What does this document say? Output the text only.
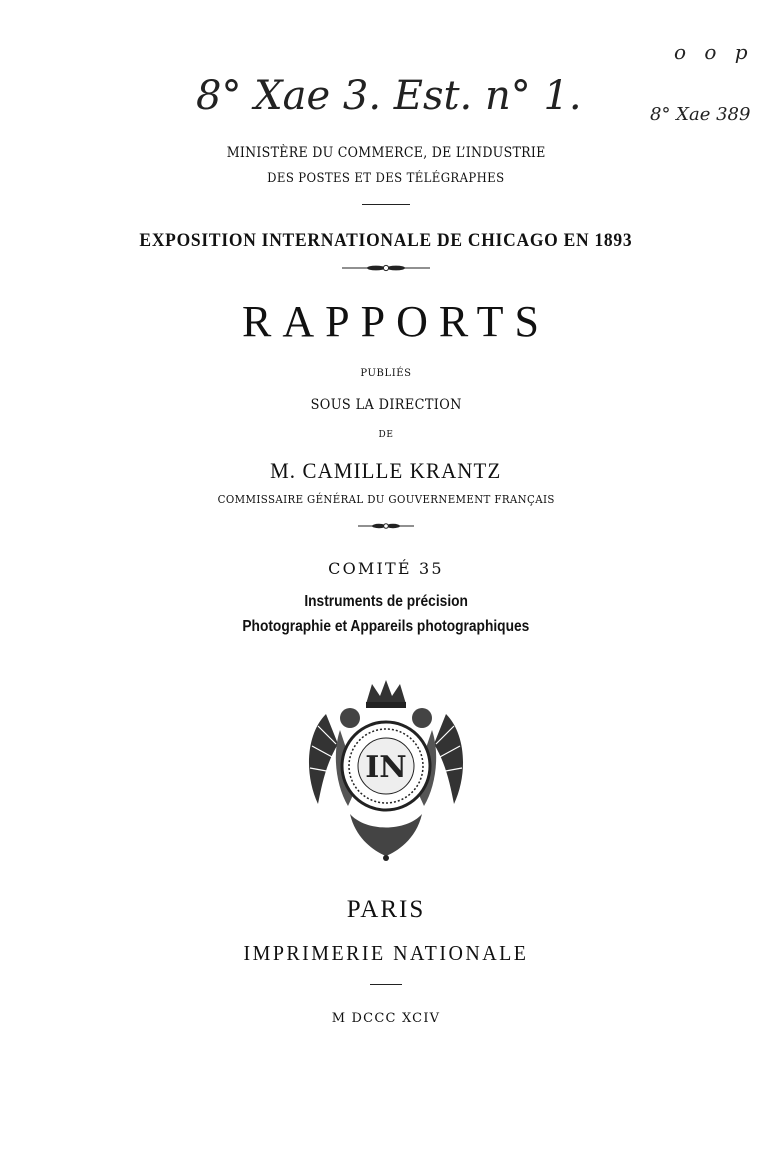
8° Xae 3. Est. n° 1.	8° Xae 389
o o p
MINISTÈRE DU COMMERCE, DE L’INDUSTRIE
DES POSTES ET DES TÉLÉGRAPHES
EXPOSITION INTERNATIONALE DE CHICAGO EN 1893
RAPPORTS
PUBLIÉS
SOUS LA DIRECTION
DE
M. CAMILLE KRANTZ
COMMISSAIRE GÉNÉRAL DU GOUVERNEMENT FRANÇAIS
COMITÉ 35
Instruments de précision
Photographie et Appareils photographiques
IN
PARIS
IMPRIMERIE NATIONALE
M DCCC XCIV
